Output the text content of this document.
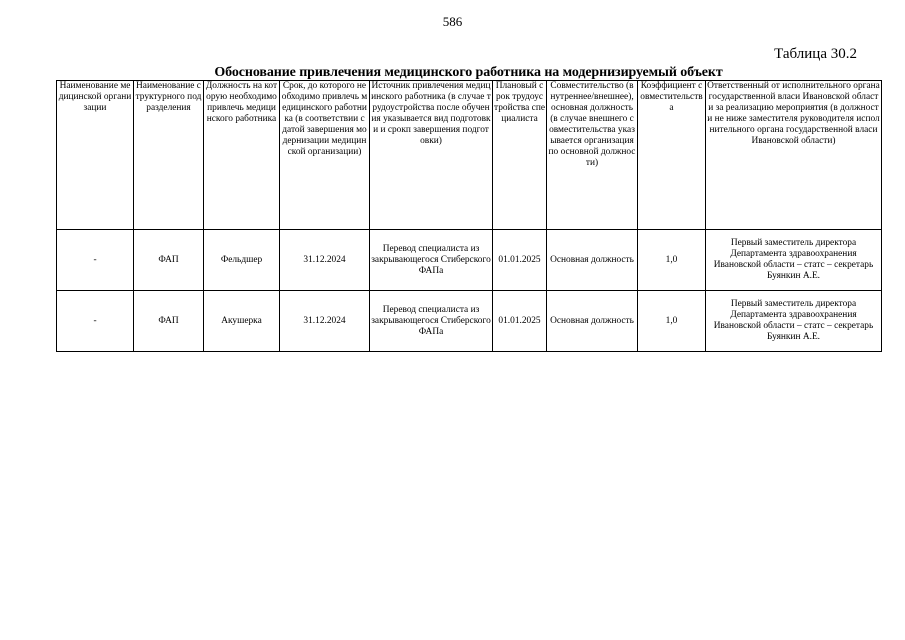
586
Таблица 30.2
Обоснование привлечения медицинского работника на модернизируемый объект
Наименование медицинской организации	Наименование структурного подразделения	Должность на которую необходимо привлечь медицинского работника	Срок, до которого необходимо привлечь медицинского работника (в соответствии с датой завершения модернизации медицинской организации)	Источник привлечения медицинского работника (в случае трудоустройства после обучения указывается вид подготовки и срокп завершения подготовки)	Плановый срок трудоустройства специалиста	Совместительство (внутреннее/внешнее), основная должность (в случае внешнего совместительства указывается организация по основной должности)	Коэффициент совместительства	Ответственный от исполнительного органа государственной власи Ивановской области за реализацию мероприятия (в должности не ниже заместителя руководителя исполнительного органа государственной власи Ивановской области)
-	ФАП	Фельдшер	31.12.2024	Перевод специалиста из закрывающегося Стиберского ФАПа	01.01.2025	Основная должность	1,0	Первый заместитель директора Департамента здравоохранения Ивановской области – статс – секретарь Буянкин А.Е.
-	ФАП	Акушерка	31.12.2024	Перевод специалиста из закрывающегося Стиберского ФАПа	01.01.2025	Основная должность	1,0	Первый заместитель директора Департамента здравоохранения Ивановской области – статс – секретарь Буянкин А.Е.
